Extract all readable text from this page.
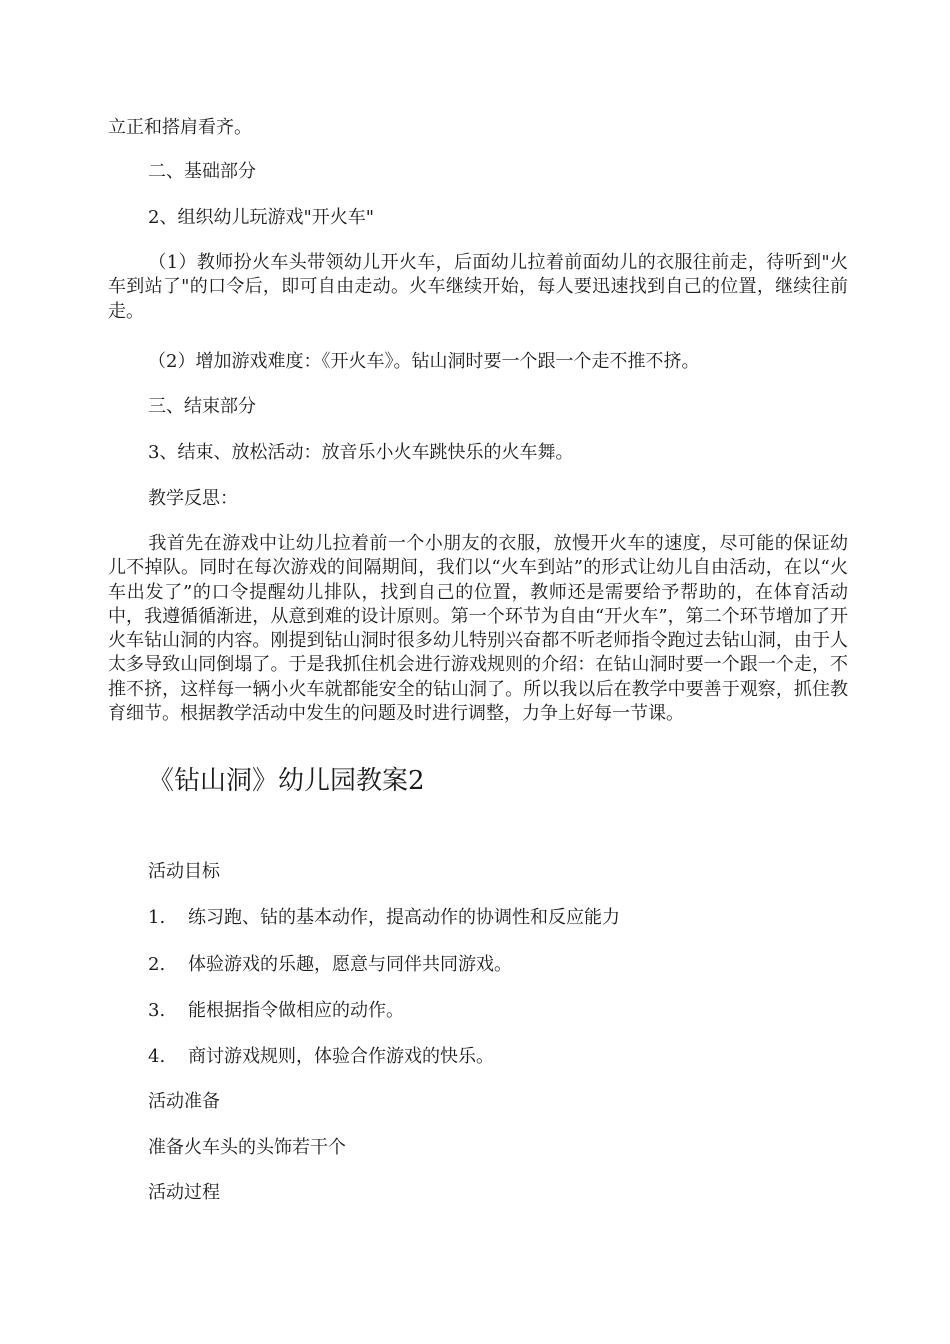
立正和搭肩看齐。

二、基础部分

2、组织幼儿玩游戏"开火车"

（1）教师扮火车头带领幼儿开火车，后面幼儿拉着前面幼儿的衣服往前走，待听到"火车到站了"的口令后，即可自由走动。火车继续开始，每人要迅速找到自己的位置，继续往前走。

（2）增加游戏难度：《开火车》。钻山洞时要一个跟一个走不推不挤。

三、结束部分

3、结束、放松活动：放音乐小火车跳快乐的火车舞。

教学反思：

我首先在游戏中让幼儿拉着前一个小朋友的衣服，放慢开火车的速度，尽可能的保证幼儿不掉队。同时在每次游戏的间隔期间，我们以“火车到站”的形式让幼儿自由活动，在以“火车出发了”的口令提醒幼儿排队，找到自己的位置，教师还是需要给予帮助的，在体育活动中，我遵循循渐进，从意到难的设计原则。第一个环节为自由“开火车”，第二个环节增加了开火车钻山洞的内容。刚提到钻山洞时很多幼儿特别兴奋都不听老师指令跑过去钻山洞，由于人太多导致山同倒塌了。于是我抓住机会进行游戏规则的介绍：在钻山洞时要一个跟一个走，不推不挤，这样每一辆小火车就都能安全的钻山洞了。所以我以后在教学中要善于观察，抓住教育细节。根据教学活动中发生的问题及时进行调整，力争上好每一节课。

《钻山洞》幼儿园教案2

活动目标

1. 练习跑、钻的基本动作，提高动作的协调性和反应能力

2. 体验游戏的乐趣，愿意与同伴共同游戏。

3. 能根据指令做相应的动作。

4. 商讨游戏规则，体验合作游戏的快乐。

活动准备

准备火车头的头饰若干个

活动过程
